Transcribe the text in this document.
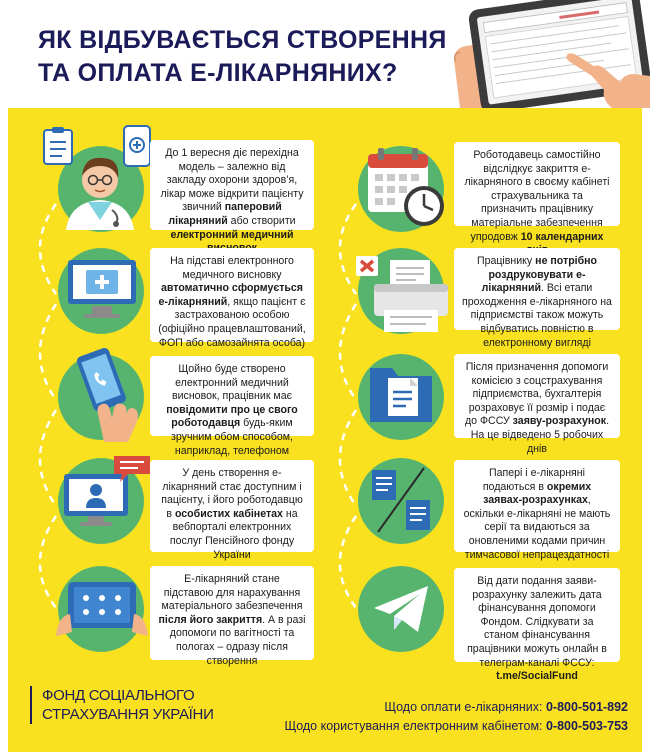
ЯК ВІДБУВАЄТЬСЯ СТВОРЕННЯ
ТА ОПЛАТА Е-ЛІКАРНЯНИХ?
До 1 вересня діє перехідна модель – залежно від закладу охорони здоров’я, лікар може відкрити пацієнту звичний паперовий лікарняний або створити електронний медичний
На підставі електронного медичного висновку автоматично сформується е-лікарняний, якщо пацієнт є застрахованою особою (офіційно працевлаштований, ФОП або самозайнята особа)
Щойно буде створено електронний медичний висновок, працівник має повідомити про це свого роботодавця будь-яким зручним обом способом, наприклад, телефоном
У день створення е-лікарняний стає доступним і пацієнту, і його роботодавцю в особистих кабінетах на вебпорталі електронних послуг Пенсійного фонду України
Е-лікарняний стане підставою для нарахування матеріального забезпечення після його закриття. А в разі допомоги по вагітності та пологах – одразу після створення
Роботодавець самостійно відслідкує закриття е-лікарняного в своєму кабінеті страхувальника та призначить працівнику матеріальне забезпечення упродовж 10 календарних
Працівнику не потрібно роздруковувати е-лікарняний. Всі етапи проходження е-лікарняного на підприємстві також можуть відбуватись повністю в електронному вигляді
Після призначення допомоги комісією з соцстрахування підприємства, бухгалтерія розраховує її розмір і подає до ФССУ заяву-розрахунок. На це відведено 5 робочих днів
Папері і е-лікарняні подаються в окремих заявах-розрахунках, оскільки е-лікарняні не мають серії та видаються за оновленими кодами причин тимчасової непрацездатності
Від дати подання заяви-розрахунку залежить дата фінансування допомоги Фондом. Слідкувати за станом фінансування працівники можуть онлайн в телеграм-каналі ФССУ: t.me/SocialFund
ФОНД СОЦІАЛЬНОГО
СТРАХУВАННЯ УКРАЇНИ	Щодо оплати е-лікарняних: 0-800-501-892
Щодо користування електронним кабінетом: 0-800-503-753
